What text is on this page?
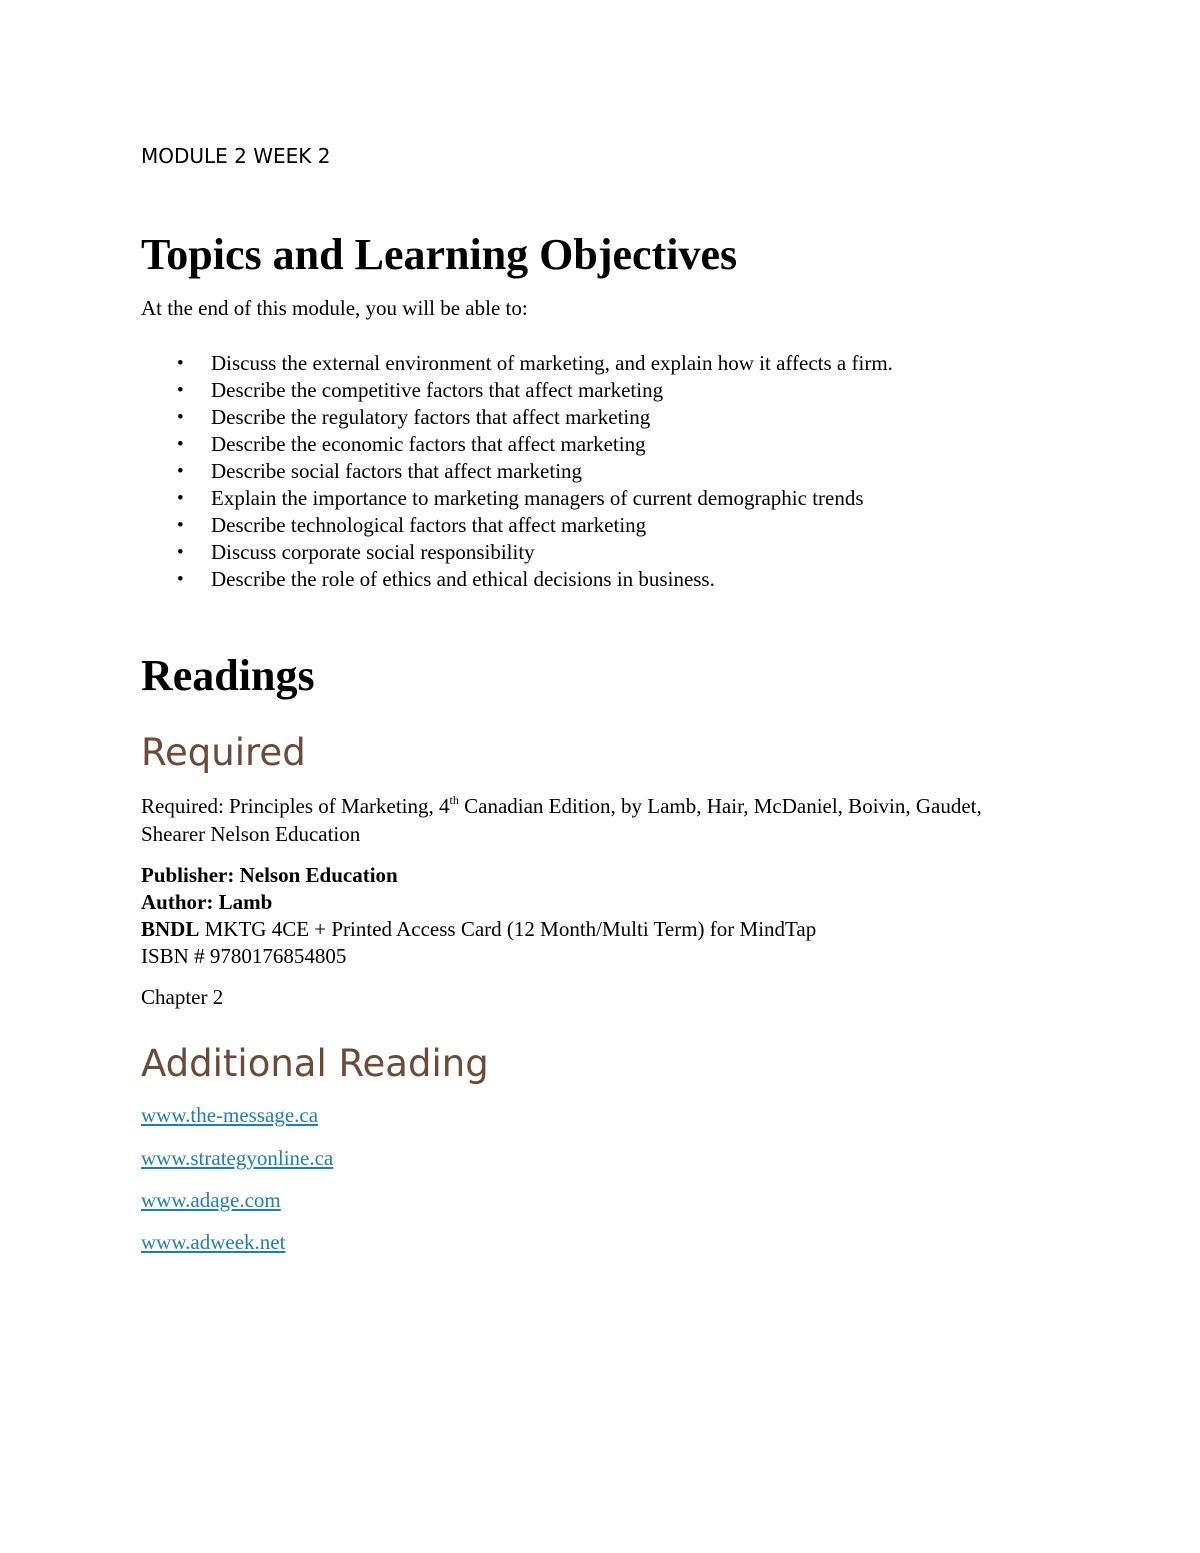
MODULE 2 WEEK 2
Topics and Learning Objectives
At the end of this module, you will be able to:
• Discuss the external environment of marketing, and explain how it affects a firm.
• Describe the competitive factors that affect marketing
• Describe the regulatory factors that affect marketing
• Describe the economic factors that affect marketing
• Describe social factors that affect marketing
• Explain the importance to marketing managers of current demographic trends
• Describe technological factors that affect marketing
• Discuss corporate social responsibility
• Describe the role of ethics and ethical decisions in business.
Readings
Required
Required: Principles of Marketing, 4th Canadian Edition, by Lamb, Hair, McDaniel, Boivin, Gaudet, Shearer Nelson Education
Publisher: Nelson Education
Author: Lamb
BNDL MKTG 4CE + Printed Access Card (12 Month/Multi Term) for MindTap
ISBN # 9780176854805
Chapter 2
Additional Reading
www.the-message.ca
www.strategyonline.ca
www.adage.com
www.adweek.net
